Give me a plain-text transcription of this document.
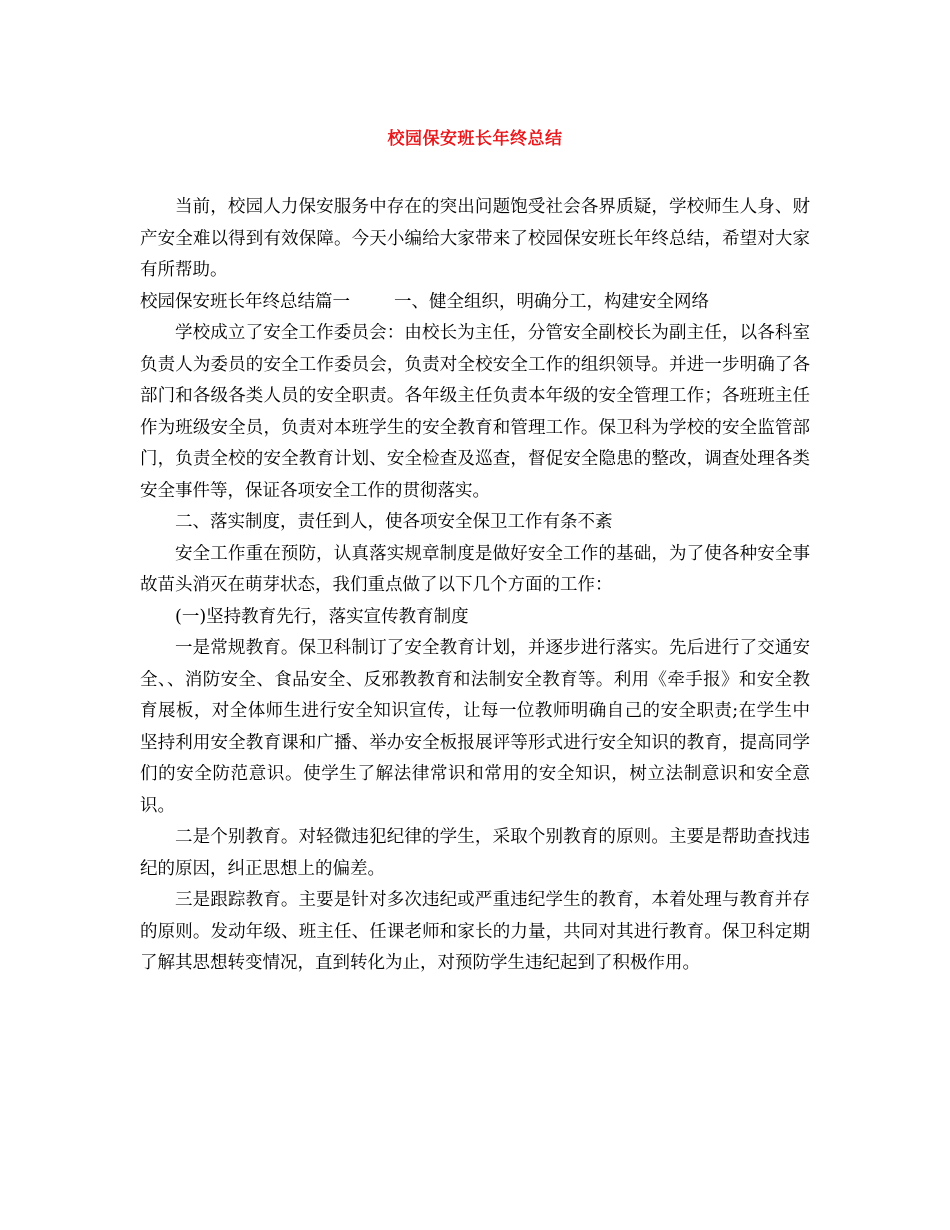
校园保安班长年终总结

当前，校园人力保安服务中存在的突出问题饱受社会各界质疑，学校师生人身、财产安全难以得到有效保障。今天小编给大家带来了校园保安班长年终总结，希望对大家有所帮助。

校园保安班长年终总结篇一	一、健全组织，明确分工，构建安全网络

学校成立了安全工作委员会：由校长为主任，分管安全副校长为副主任，以各科室负责人为委员的安全工作委员会，负责对全校安全工作的组织领导。并进一步明确了各部门和各级各类人员的安全职责。各年级主任负责本年级的安全管理工作；各班班主任作为班级安全员，负责对本班学生的安全教育和管理工作。保卫科为学校的安全监管部门，负责全校的安全教育计划、安全检查及巡查，督促安全隐患的整改，调查处理各类安全事件等，保证各项安全工作的贯彻落实。

二、落实制度，责任到人，使各项安全保卫工作有条不紊

安全工作重在预防，认真落实规章制度是做好安全工作的基础，为了使各种安全事故苗头消灭在萌芽状态，我们重点做了以下几个方面的工作：

(一)坚持教育先行，落实宣传教育制度

一是常规教育。保卫科制订了安全教育计划，并逐步进行落实。先后进行了交通安全、、消防安全、食品安全、反邪教教育和法制安全教育等。利用《牵手报》和安全教育展板，对全体师生进行安全知识宣传，让每一位教师明确自己的安全职责;在学生中坚持利用安全教育课和广播、举办安全板报展评等形式进行安全知识的教育，提高同学们的安全防范意识。使学生了解法律常识和常用的安全知识，树立法制意识和安全意识。

二是个别教育。对轻微违犯纪律的学生，采取个别教育的原则。主要是帮助查找违纪的原因，纠正思想上的偏差。

三是跟踪教育。主要是针对多次违纪或严重违纪学生的教育，本着处理与教育并存的原则。发动年级、班主任、任课老师和家长的力量，共同对其进行教育。保卫科定期了解其思想转变情况，直到转化为止，对预防学生违纪起到了积极作用。
